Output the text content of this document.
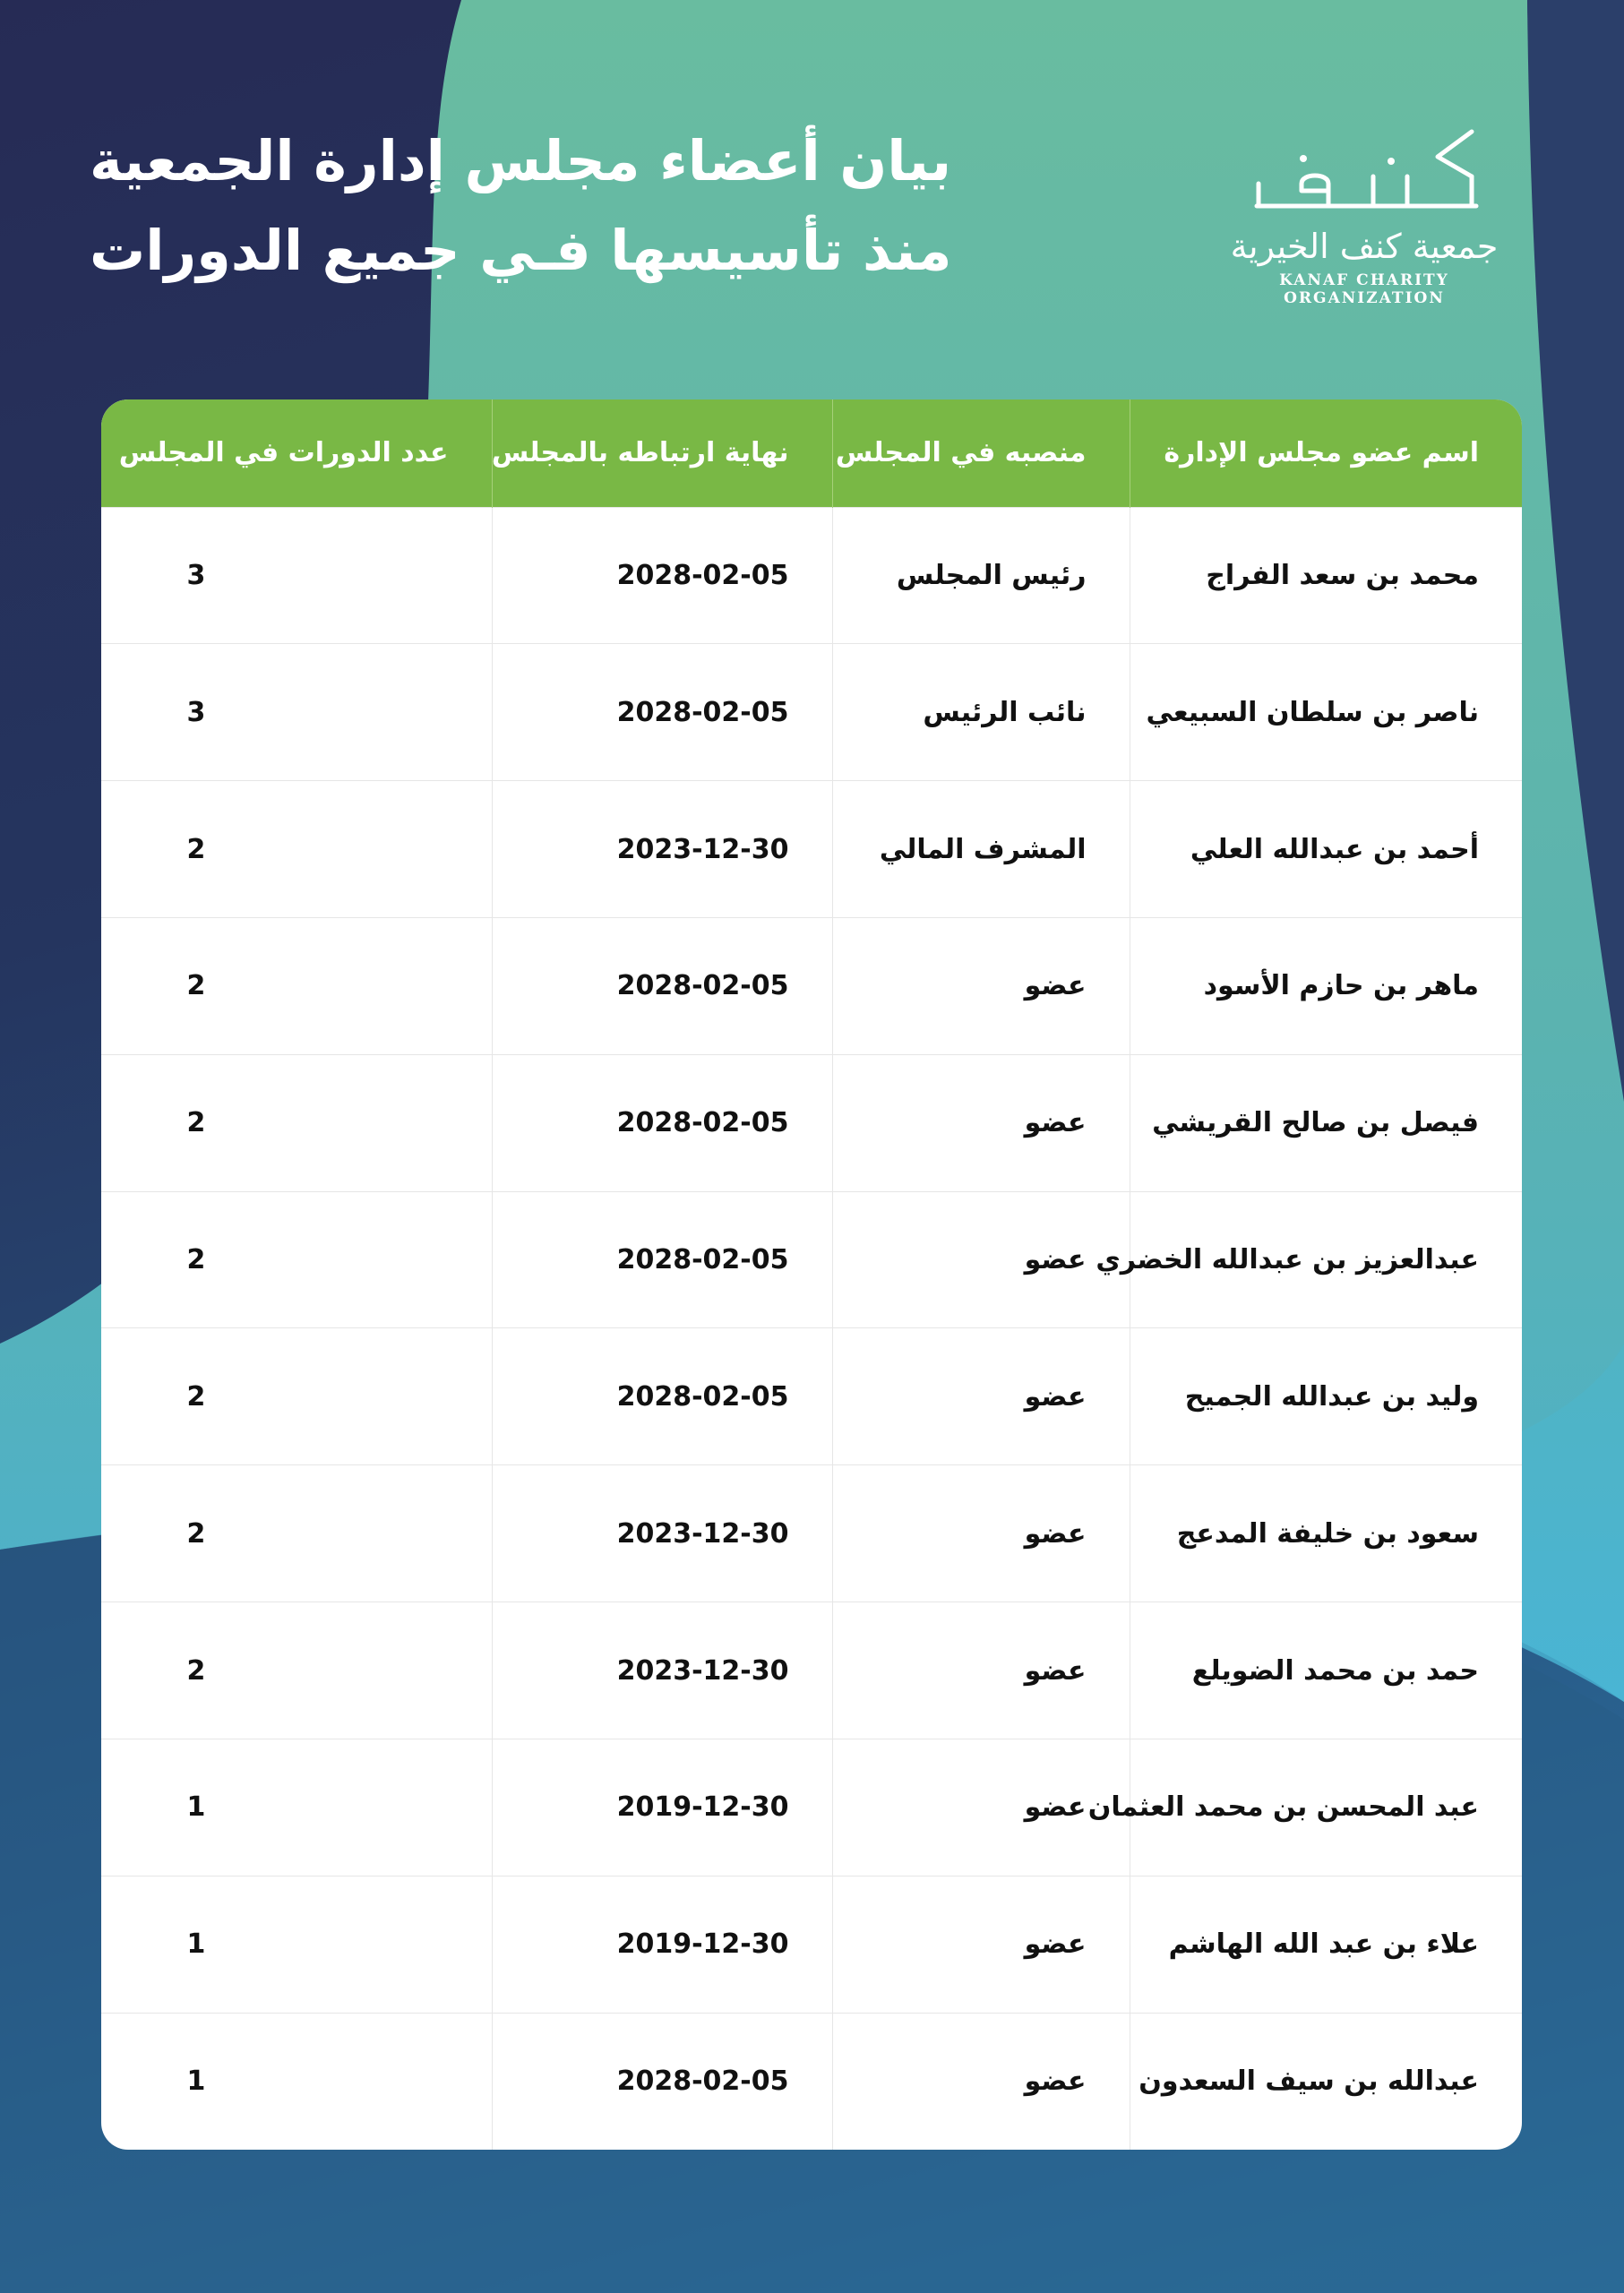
بيان أعضاء مجلس إدارة الجمعية
منذ تأسيسها فـي جميع الدورات	جمعية كنف الخيرية
KANAF CHARITY ORGANIZATION
اسم عضو مجلس الإدارة	منصبه في المجلس	نهاية ارتباطه بالمجلس	عدد الدورات في المجلس
محمد بن سعد الفراج	رئيس المجلس	2028-02-05	3
ناصر بن سلطان السبيعي	نائب الرئيس	2028-02-05	3
أحمد بن عبدالله العلي	المشرف المالي	2023-12-30	2
ماهر بن حازم الأسود	عضو	2028-02-05	2
فيصل بن صالح القريشي	عضو	2028-02-05	2
عبدالعزيز بن عبدالله الخضري	عضو	2028-02-05	2
وليد بن عبدالله الجميح	عضو	2028-02-05	2
سعود بن خليفة المدعج	عضو	2023-12-30	2
حمد بن محمد الضويلع	عضو	2023-12-30	2
عبد المحسن بن محمد العثمان	عضو	2019-12-30	1
علاء بن عبد الله الهاشم	عضو	2019-12-30	1
عبدالله بن سيف السعدون	عضو	2028-02-05	1
